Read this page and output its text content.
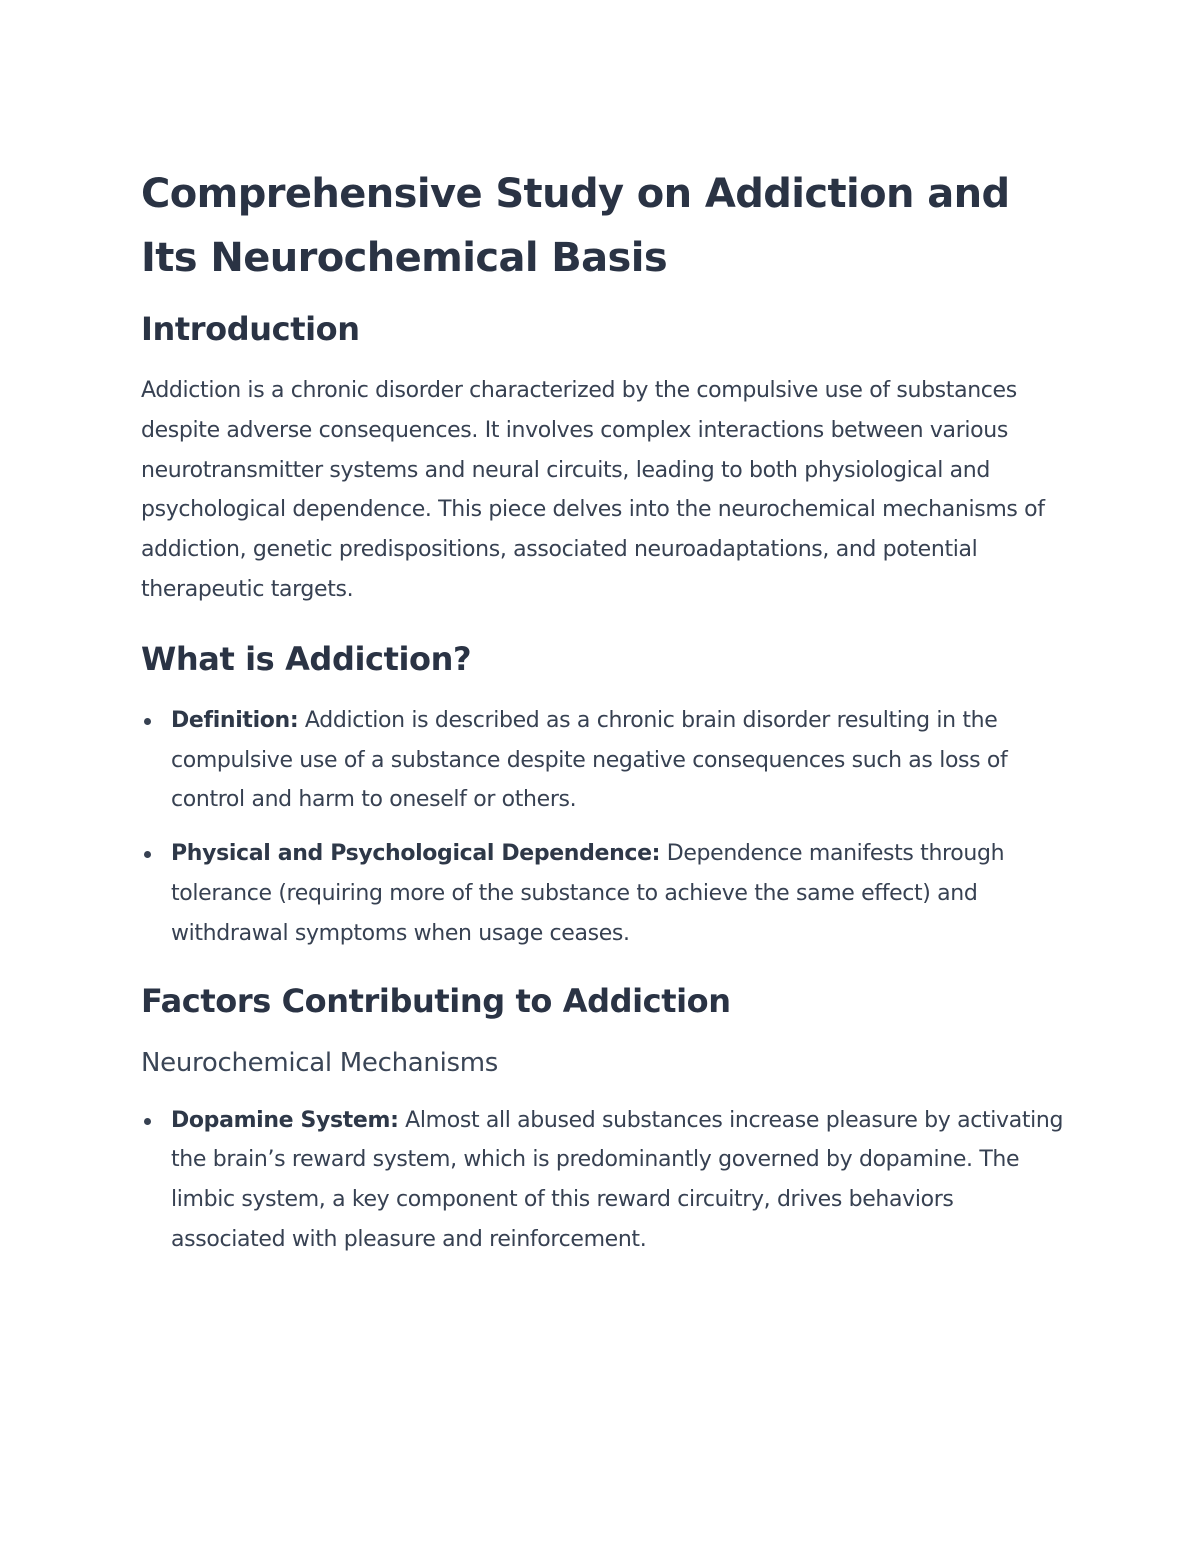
Comprehensive Study on Addiction and Its Neurochemical Basis
Introduction

Addiction is a chronic disorder characterized by the compulsive use of substances despite adverse consequences. It involves complex interactions between various neurotransmitter systems and neural circuits, leading to both physiological and psychological dependence. This piece delves into the neurochemical mechanisms of addiction, genetic predispositions, associated neuroadaptations, and potential therapeutic targets.

What is Addiction?
Definition: Addiction is described as a chronic brain disorder resulting in the compulsive use of a substance despite negative consequences such as loss of control and harm to oneself or others.
Physical and Psychological Dependence: Dependence manifests through tolerance (requiring more of the substance to achieve the same effect) and withdrawal symptoms when usage ceases.
Factors Contributing to Addiction
Neurochemical Mechanisms
Dopamine System: Almost all abused substances increase pleasure by activating the brain’s reward system, which is predominantly governed by dopamine. The limbic system, a key component of this reward circuitry, drives behaviors associated with pleasure and reinforcement.
